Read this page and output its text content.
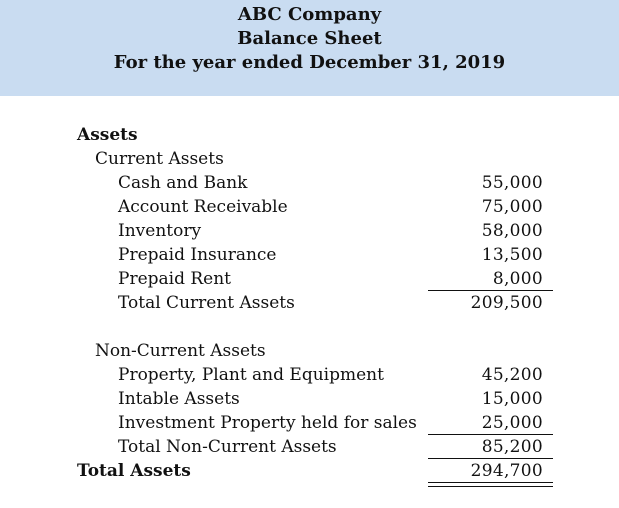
ABC Company
Balance Sheet
For the year ended December 31, 2019
Assets
Current Assets
Cash and Bank	55,000
Account Receivable	75,000
Inventory	58,000
Prepaid Insurance	13,500
Prepaid Rent	8,000
Total Current Assets	209,500
Non-Current Assets
Property, Plant and Equipment	45,200
Intable Assets	15,000
Investment Property held for sales	25,000
Total Non-Current Assets	85,200
Total Assets	294,700
